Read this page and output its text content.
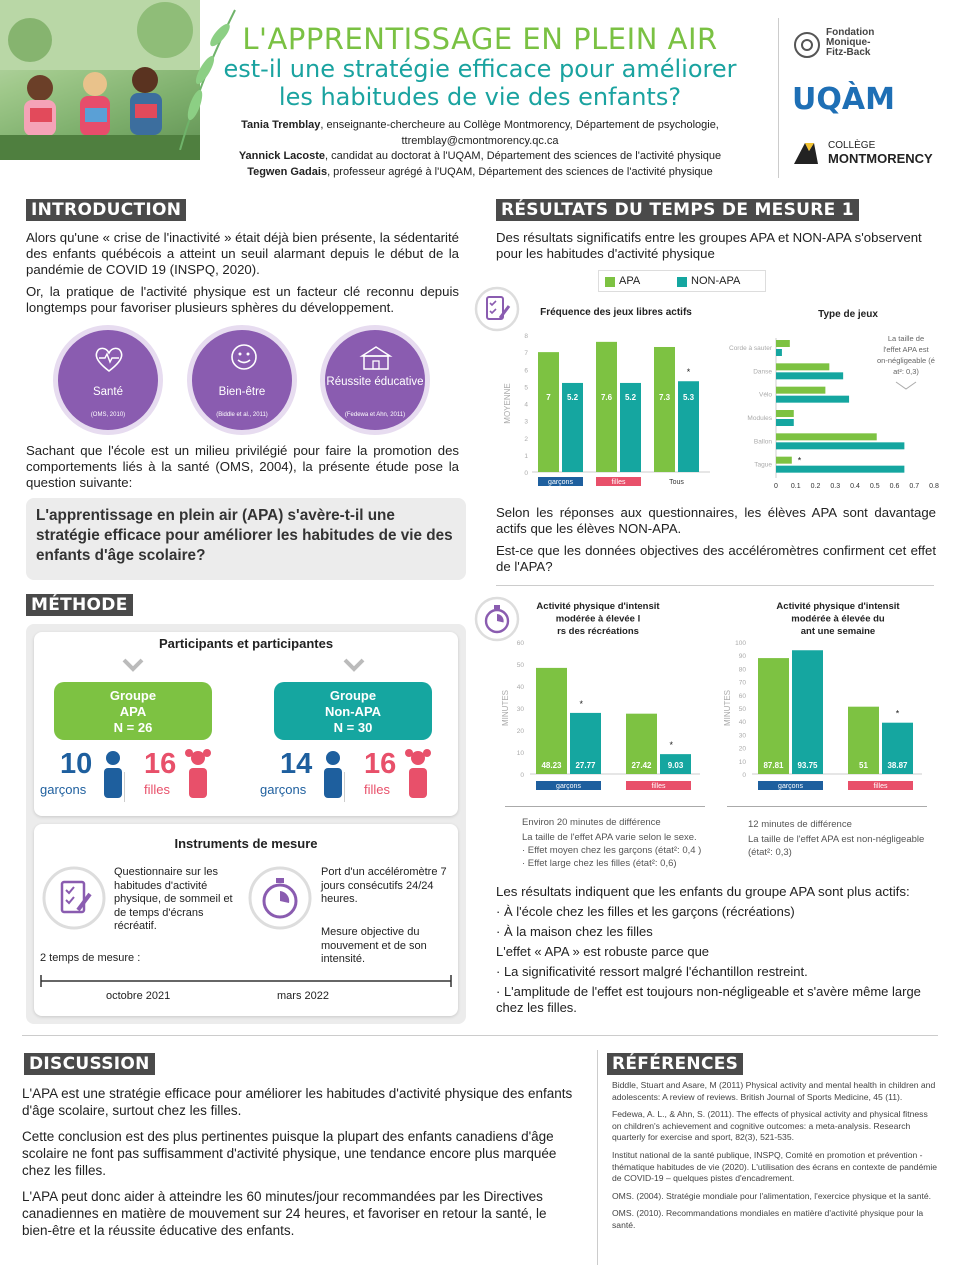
L'APPRENTISSAGE EN PLEIN AIR
est-il une stratégie efficace pour améliorer
les habitudes de vie des enfants?
Tania Tremblay, enseignante-chercheure au Collège Montmorency, Département de psychologie,
ttremblay@cmontmorency.qc.ca
Yannick Lacoste, candidat au doctorat à l'UQAM, Département des sciences de l'activité physique
Tegwen Gadais, professeur agrégé à l'UQAM, Département des sciences de l'activité physique
Fondation
Monique-
Fitz-Back
UQÀM
COLLÈGE
MONTMORENCY
INTRODUCTION

Alors qu'une « crise de l'inactivité » était déjà bien présente, la sédentarité des enfants québécois a atteint un seuil alarmant depuis le début de la pandémie de COVID 19 (INSPQ, 2020).

Or, la pratique de l'activité physique est un facteur clé reconnu depuis longtemps pour favoriser plusieurs sphères du développement.

Santé
(OMS, 2010)
Bien-être
(Biddle et al., 2011)
Réussite éducative
(Fedewa et Ahn, 2011)

Sachant que l'école est un milieu privilégié pour faire la promotion des comportements liés à la santé (OMS, 2004), la présente étude pose la question suivante:

L'apprentissage en plein air (APA) s'avère-t-il une stratégie efficace pour améliorer les habitudes de vie des enfants d'âge scolaire?
MÉTHODE
Participants et participantes
Groupe
APA
N = 26
Groupe
Non-APA
N = 30
10
garçons
16
filles
14
garçons
16
filles
Instruments de mesure
Questionnaire sur les habitudes d'activité physique, de sommeil et de temps d'écrans récréatif.
Port d'un accéléromètre 7 jours consécutifs 24/24 heures.
Mesure objective du mouvement et de son intensité.
2 temps de mesure :
octobre 2021	mars 2022
RÉSULTATS DU TEMPS DE MESURE 1

Des résultats significatifs entre les groupes APA et NON-APA s'observent pour les habitudes d'activité physique

APA	NON-APA
Fréquence des jeux libres actifs
0
1
2
3
4
5
6
7
8
MOYENNE	7 5.2
garçons
7.6 5.2
filles
7.3 5.3
Tous
*
Type de jeux
0 0.1 0.2 0.3 0.4 0.5 0.6 0.7 0.8
Corde à sauter
Danse
Vélo
Modules
Ballon
Tague	*
La taille de
l'effet APA est
on-négligeable (é
at²: 0,3)

Selon les réponses aux questionnaires, les élèves APA sont davantage actifs que les élèves NON-APA.

Est-ce que les données objectives des accéléromètres confirment cet effet de l'APA?

Activité physique d'intensit
modérée à élevée l
rs des récréations
0
10
20
30
40
50
60
MINUTES
48.23 27.77
garçons
27.42 9.03
filles
*
*
Activité physique d'intensit
modérée à élevée du
ant une semaine
0
10
20
30
40
50
60
70
80
90
100
MINUTES
87.81 93.75
garçons
51 38.87
filles
*
Environ 20 minutes de différence
La taille de l'effet APA varie selon le sexe.
· Effet moyen chez les garçons (état²: 0,4 )
· Effet large chez les filles (état²: 0,6)
12 minutes de différence
La taille de l'effet APA est non-négligeable (état²: 0,3)
Les résultats indiquent que les enfants du groupe APA sont plus actifs:
· À l'école chez les filles et les garçons (récréations)
· À la maison chez les filles
L'effet « APA » est robuste parce que
· La significativité ressort malgré l'échantillon restreint.
· L'amplitude de l'effet est toujours non-négligeable et s'avère même large chez les filles.
DISCUSSION

L'APA est une stratégie efficace pour améliorer les habitudes d'activité physique des enfants d'âge scolaire, surtout chez les filles.

Cette conclusion est des plus pertinentes puisque la plupart des enfants canadiens d'âge scolaire ne font pas suffisamment d'activité physique, une tendance encore plus marquée chez les filles.

L'APA peut donc aider à atteindre les 60 minutes/jour recommandées par les Directives canadiennes en matière de mouvement sur 24 heures, et favoriser en retour la santé, le bien-être et la réussite éducative des enfants.

RÉFÉRENCES
Biddle, Stuart and Asare, M (2011) Physical activity and mental health in children and adolescents: A review of reviews. British Journal of Sports Medicine, 45 (11).
Fedewa, A. L., & Ahn, S. (2011). The effects of physical activity and physical fitness on children's achievement and cognitive outcomes: a meta-analysis. Research quarterly for exercise and sport, 82(3), 521-535.
Institut national de la santé publique, INSPQ, Comité en promotion et prévention - thématique habitudes de vie (2020). L'utilisation des écrans en contexte de pandémie de COVID-19 – quelques pistes d'encadrement.
OMS. (2004). Stratégie mondiale pour l'alimentation, l'exercice physique et la santé.
OMS. (2010). Recommandations mondiales en matière d'activité physique pour la santé.
